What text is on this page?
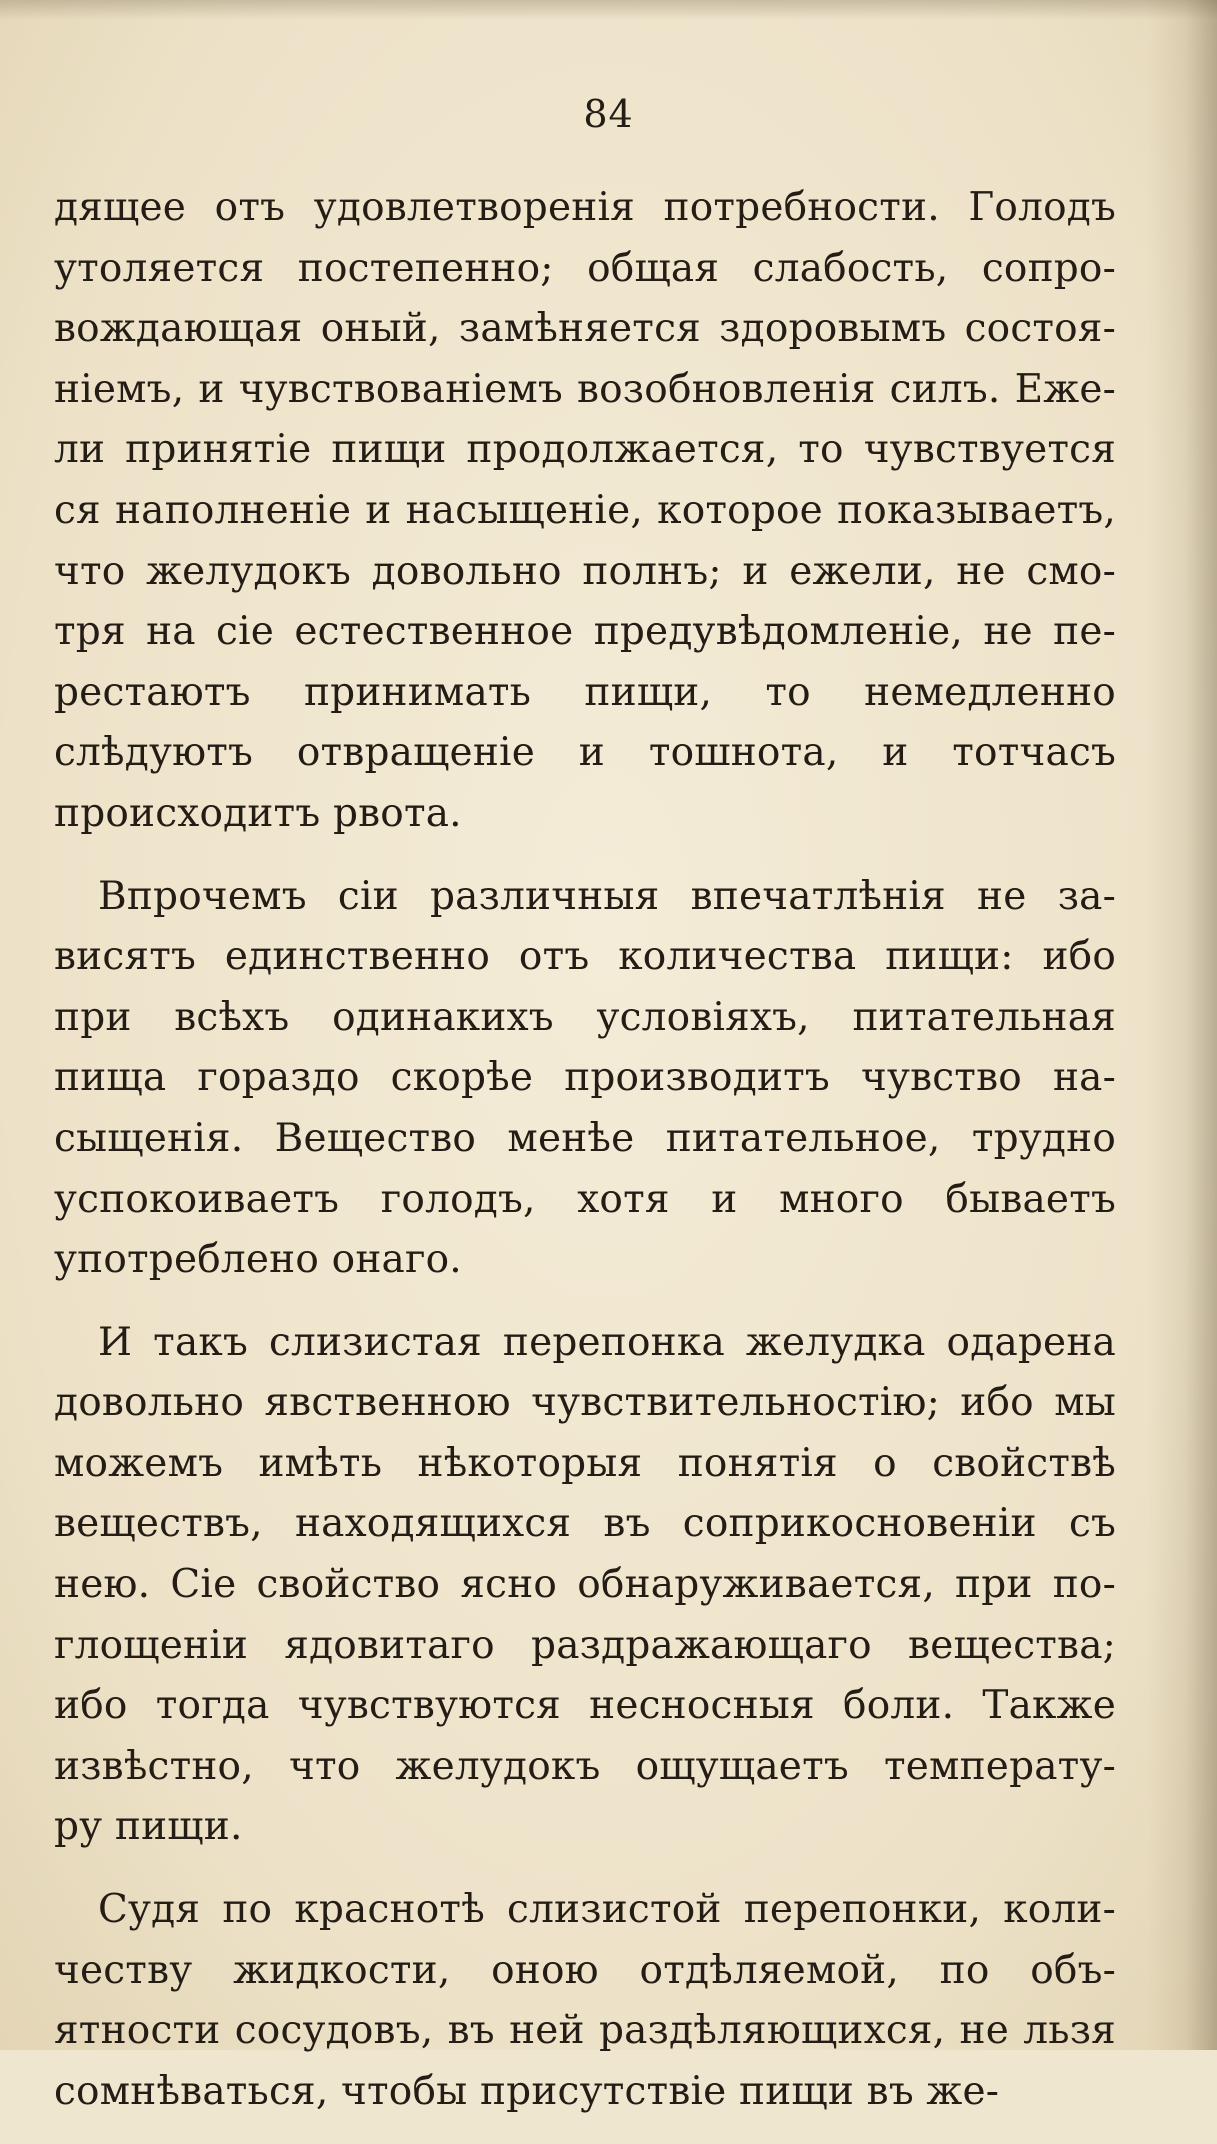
84
дящее отъ удовлетворенія потребности. Голодъ
утоляется постепенно; общая слабость, сопро-
вождающая оный, замѣняется здоровымъ состоя-
ніемъ, и чувствованіемъ возобновленія силъ. Еже-
ли принятіе пищи продолжается, то чувствуется
ся наполненіе и насыщеніе, которое показываетъ,
что желудокъ довольно полнъ; и ежели, не смо-
тря на сіе естественное предувѣдомленіе, не пе-
рестаютъ принимать пищи, то немедленно
слѣдуютъ отвращеніе и тошнота, и тотчасъ
происходитъ рвота.
Впрочемъ сіи различныя впечатлѣнія не за-
висятъ единственно отъ количества пищи: ибо
при всѣхъ одинакихъ условіяхъ, питательная
пища гораздо скорѣе производитъ чувство на-
сыщенія. Вещество менѣе питательное, трудно
успокоиваетъ голодъ, хотя и много бываетъ
употреблено онаго.
И такъ слизистая перепонка желудка одарена
довольно явственною чувствительностію; ибо мы
можемъ имѣть нѣкоторыя понятія о свойствѣ
веществъ, находящихся въ соприкосновеніи съ
нею. Сіе свойство ясно обнаруживается, при по-
глощеніи ядовитаго раздражающаго вещества;
ибо тогда чувствуются несносныя боли. Также
извѣстно, что желудокъ ощущаетъ температу-
ру пищи.
Судя по краснотѣ слизистой перепонки, коли-
честву жидкости, оною отдѣляемой, по объ-
ятности сосудовъ, въ ней раздѣляющихся, не льзя
сомнѣваться, чтобы присутствіе пищи въ же-
